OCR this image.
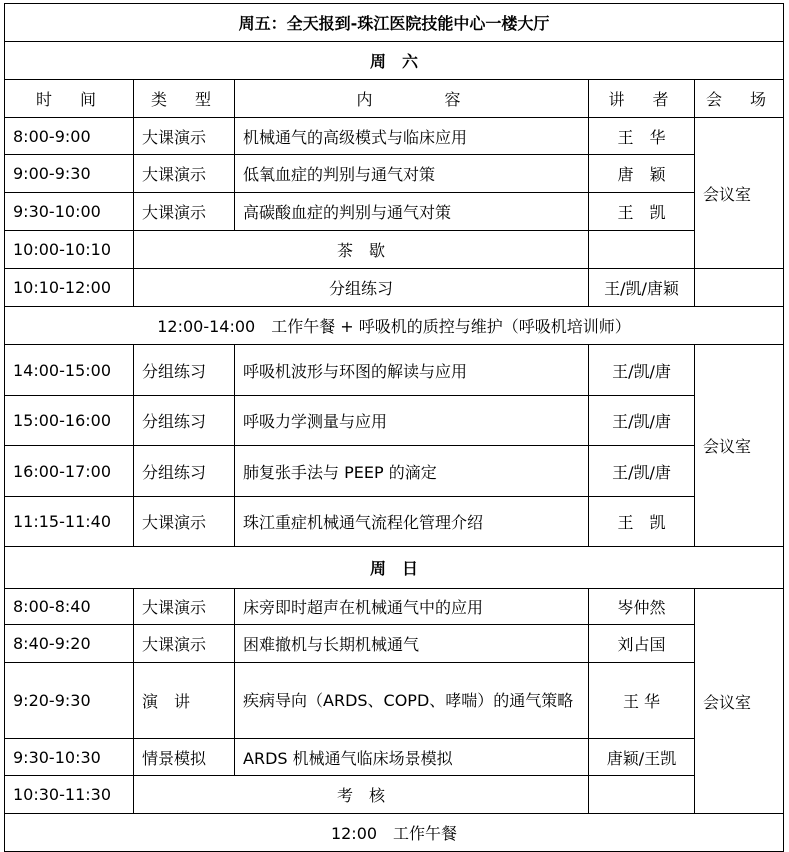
周五：全天报到-珠江医院技能中心一楼大厅				
周　六				
时　间	类　型	内　　　容	讲　者	会　场
8:00-9:00	大课演示	机械通气的高级模式与临床应用	王　华	会议室
9:00-9:30	大课演示	低氧血症的判别与通气对策	唐　颖	
9:30-10:00	大课演示	高碳酸血症的判别与通气对策	王　凯	
10:00-10:10	茶　歇			
10:10-12:00	分组练习		王/凯/唐颖	
12:00-14:00　工作午餐 + 呼吸机的质控与维护（呼吸机培训师）				
14:00-15:00	分组练习	呼吸机波形与环图的解读与应用	王/凯/唐	会议室
15:00-16:00	分组练习	呼吸力学测量与应用	王/凯/唐	
16:00-17:00	分组练习	肺复张手法与 PEEP 的滴定	王/凯/唐	
11:15-11:40	大课演示	珠江重症机械通气流程化管理介绍	王　凯	
周　日				
8:00-8:40	大课演示	床旁即时超声在机械通气中的应用	岑仲然	会议室
8:40-9:20	大课演示	困难撤机与长期机械通气	刘占国	
9:20-9:30	演　讲	疾病导向（ARDS、COPD、哮喘）的通气策略	王 华	
9:30-10:30	情景模拟	ARDS 机械通气临床场景模拟	唐颖/王凯	
10:30-11:30	考　核			
12:00　工作午餐				
